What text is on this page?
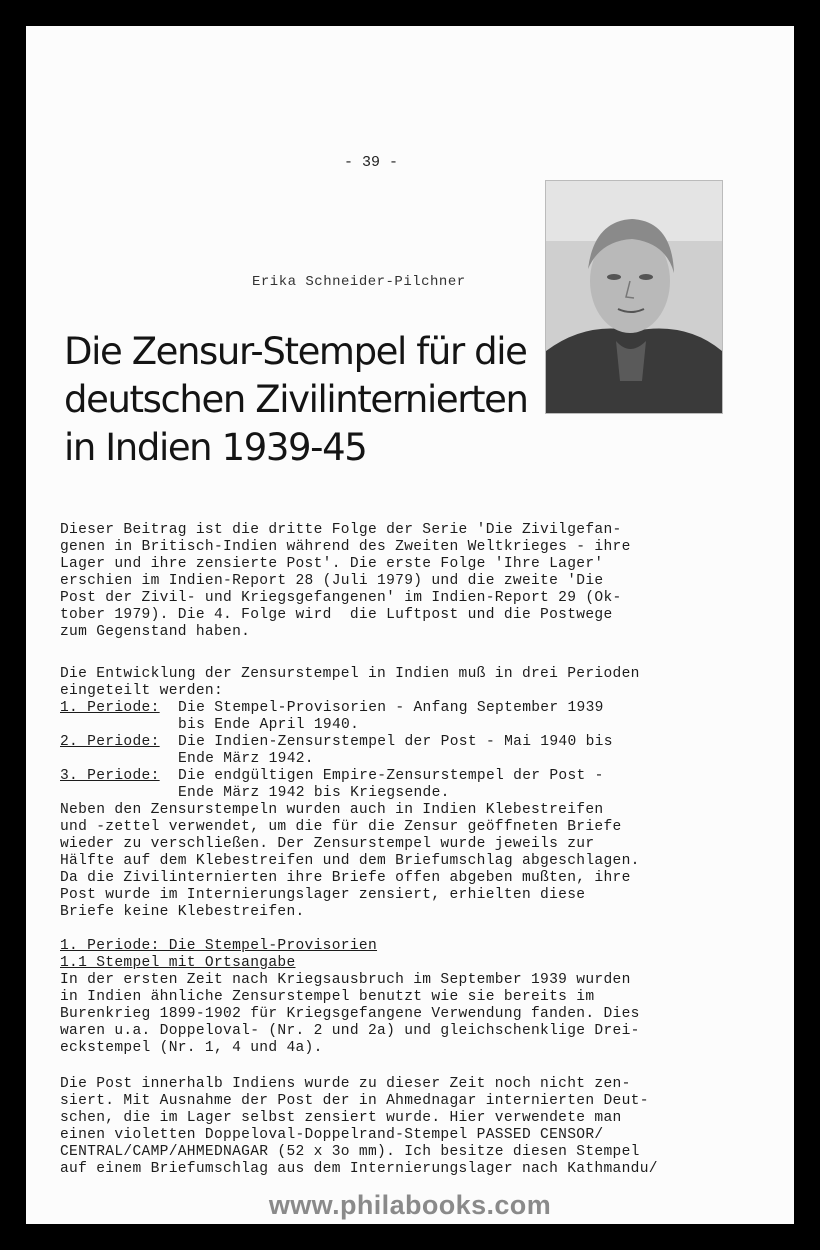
- 39 -
Erika Schneider-Pilchner
Die Zensur-Stempel für die
deutschen Zivilinternierten
in Indien 1939-45
Dieser Beitrag ist die dritte Folge der Serie 'Die Zivilgefan-
genen in Britisch-Indien während des Zweiten Weltkrieges - ihre
Lager und ihre zensierte Post'. Die erste Folge 'Ihre Lager'
erschien im Indien-Report 28 (Juli 1979) und die zweite 'Die
Post der Zivil- und Kriegsgefangenen' im Indien-Report 29 (Ok-
tober 1979). Die 4. Folge wird  die Luftpost und die Postwege
zum Gegenstand haben.
Die Entwicklung der Zensurstempel in Indien muß in drei Perioden
eingeteilt werden:
1. Periode:	Die Stempel-Provisorien - Anfang September 1939
bis Ende April 1940.
2. Periode:	Die Indien-Zensurstempel der Post - Mai 1940 bis
Ende März 1942.
3. Periode:	Die endgültigen Empire-Zensurstempel der Post -
Ende März 1942 bis Kriegsende.
Neben den Zensurstempeln wurden auch in Indien Klebestreifen
und -zettel verwendet, um die für die Zensur geöffneten Briefe
wieder zu verschließen. Der Zensurstempel wurde jeweils zur
Hälfte auf dem Klebestreifen und dem Briefumschlag abgeschlagen.
Da die Zivilinternierten ihre Briefe offen abgeben mußten, ihre
Post wurde im Internierungslager zensiert, erhielten diese
Briefe keine Klebestreifen.
1. Periode: Die Stempel-Provisorien
1.1 Stempel mit Ortsangabe
In der ersten Zeit nach Kriegsausbruch im September 1939 wurden
in Indien ähnliche Zensurstempel benutzt wie sie bereits im
Burenkrieg 1899-1902 für Kriegsgefangene Verwendung fanden. Dies
waren u.a. Doppeloval- (Nr. 2 und 2a) und gleichschenklige Drei-
eckstempel (Nr. 1, 4 und 4a).
Die Post innerhalb Indiens wurde zu dieser Zeit noch nicht zen-
siert. Mit Ausnahme der Post der in Ahmednagar internierten Deut-
schen, die im Lager selbst zensiert wurde. Hier verwendete man
einen violetten Doppeloval-Doppelrand-Stempel PASSED CENSOR/
CENTRAL/CAMP/AHMEDNAGAR (52 x 3o mm). Ich besitze diesen Stempel
auf einem Briefumschlag aus dem Internierungslager nach Kathmandu/
www.philabooks.com
